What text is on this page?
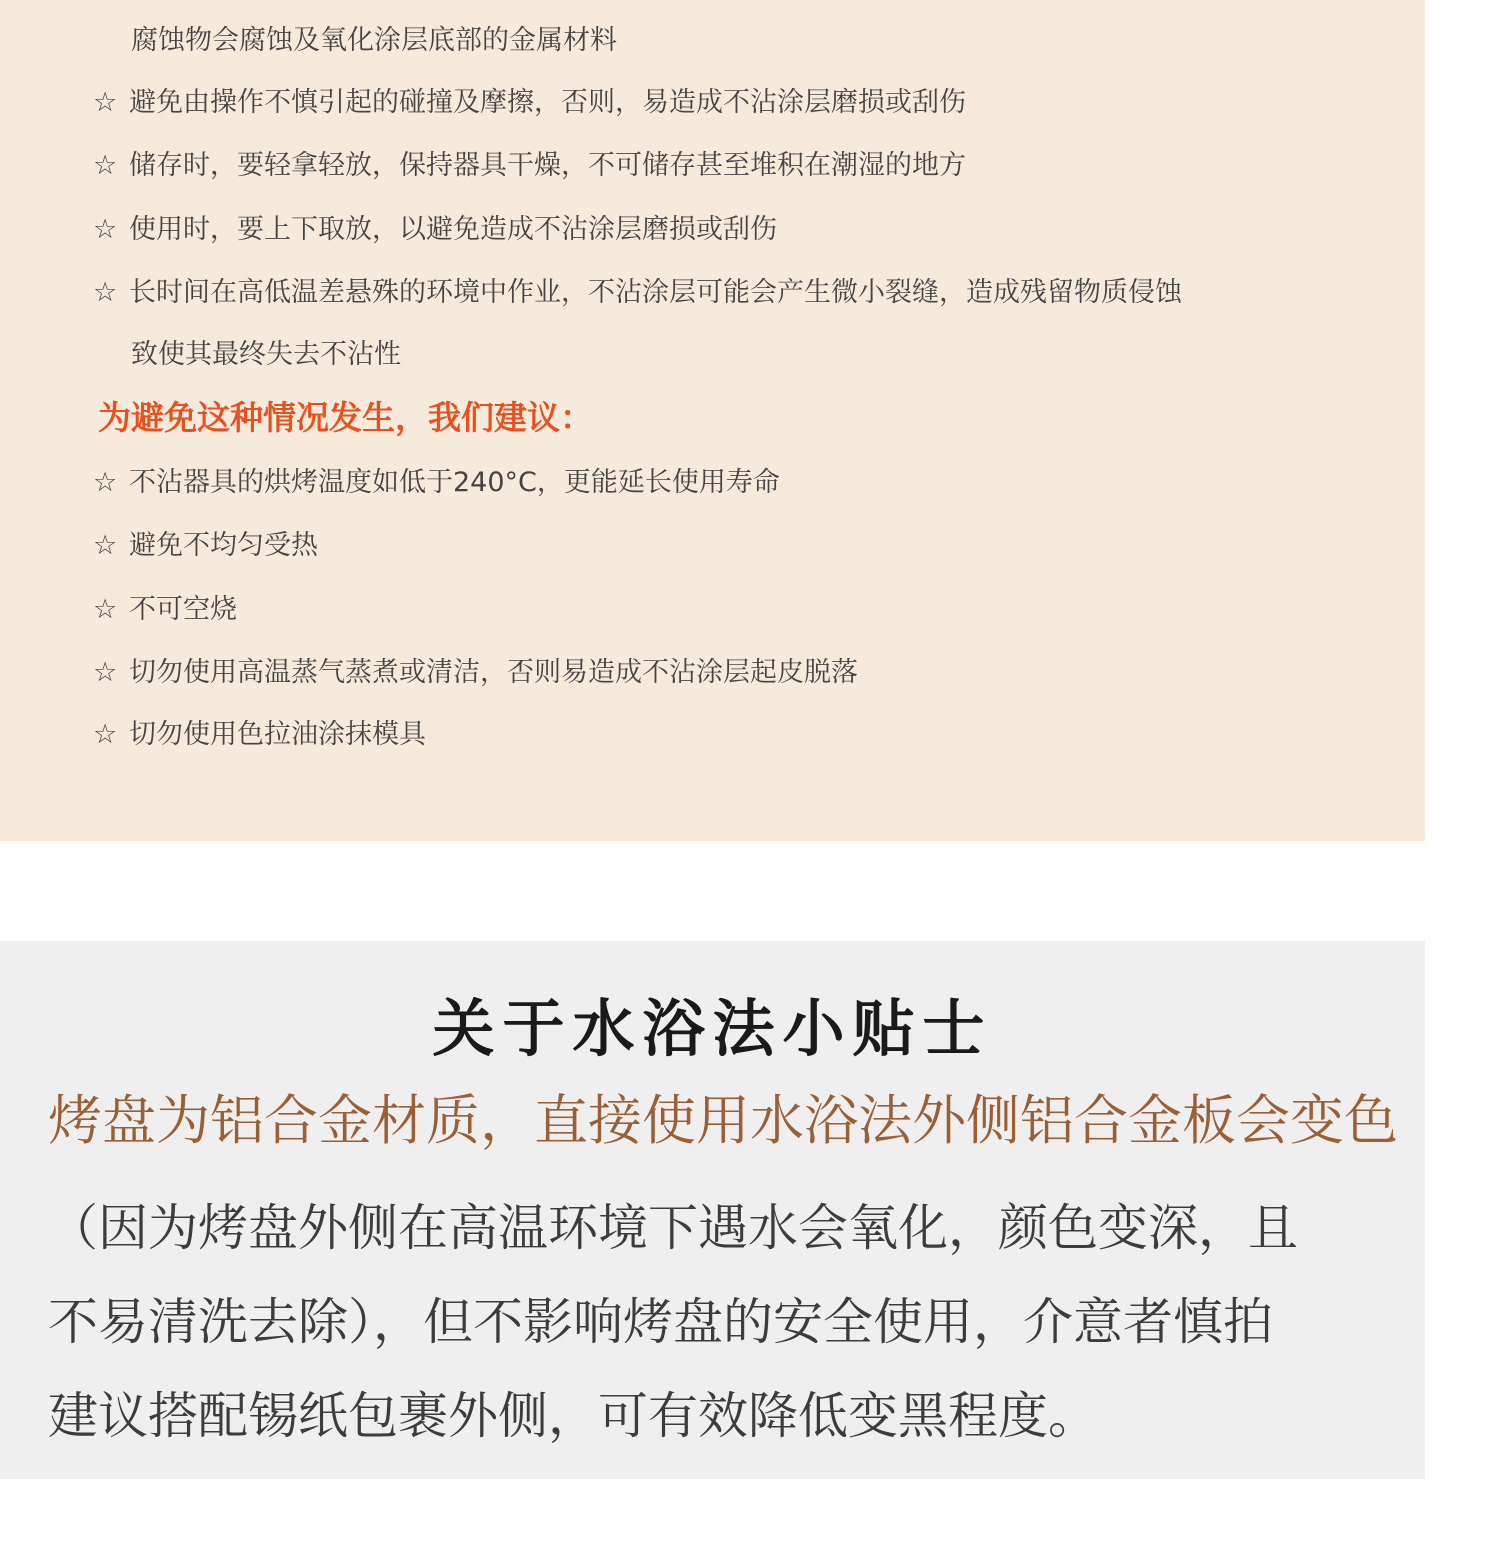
腐蚀物会腐蚀及氧化涂层底部的金属材料
☆ 避免由操作不慎引起的碰撞及摩擦，否则，易造成不沾涂层磨损或刮伤
☆ 储存时，要轻拿轻放，保持器具干燥，不可储存甚至堆积在潮湿的地方
☆ 使用时，要上下取放，以避免造成不沾涂层磨损或刮伤
☆ 长时间在高低温差悬殊的环境中作业，不沾涂层可能会产生微小裂缝，造成残留物质侵蚀
致使其最终失去不沾性
为避免这种情况发生，我们建议：
☆ 不沾器具的烘烤温度如低于240°C，更能延长使用寿命
☆ 避免不均匀受热
☆ 不可空烧
☆ 切勿使用高温蒸气蒸煮或清洁，否则易造成不沾涂层起皮脱落
☆ 切勿使用色拉油涂抹模具
关于水浴法小贴士
烤盘为铝合金材质，直接使用水浴法外侧铝合金板会变色
（因为烤盘外侧在高温环境下遇水会氧化，颜色变深，且
不易清洗去除），但不影响烤盘的安全使用，介意者慎拍
建议搭配锡纸包裹外侧，可有效降低变黑程度。
